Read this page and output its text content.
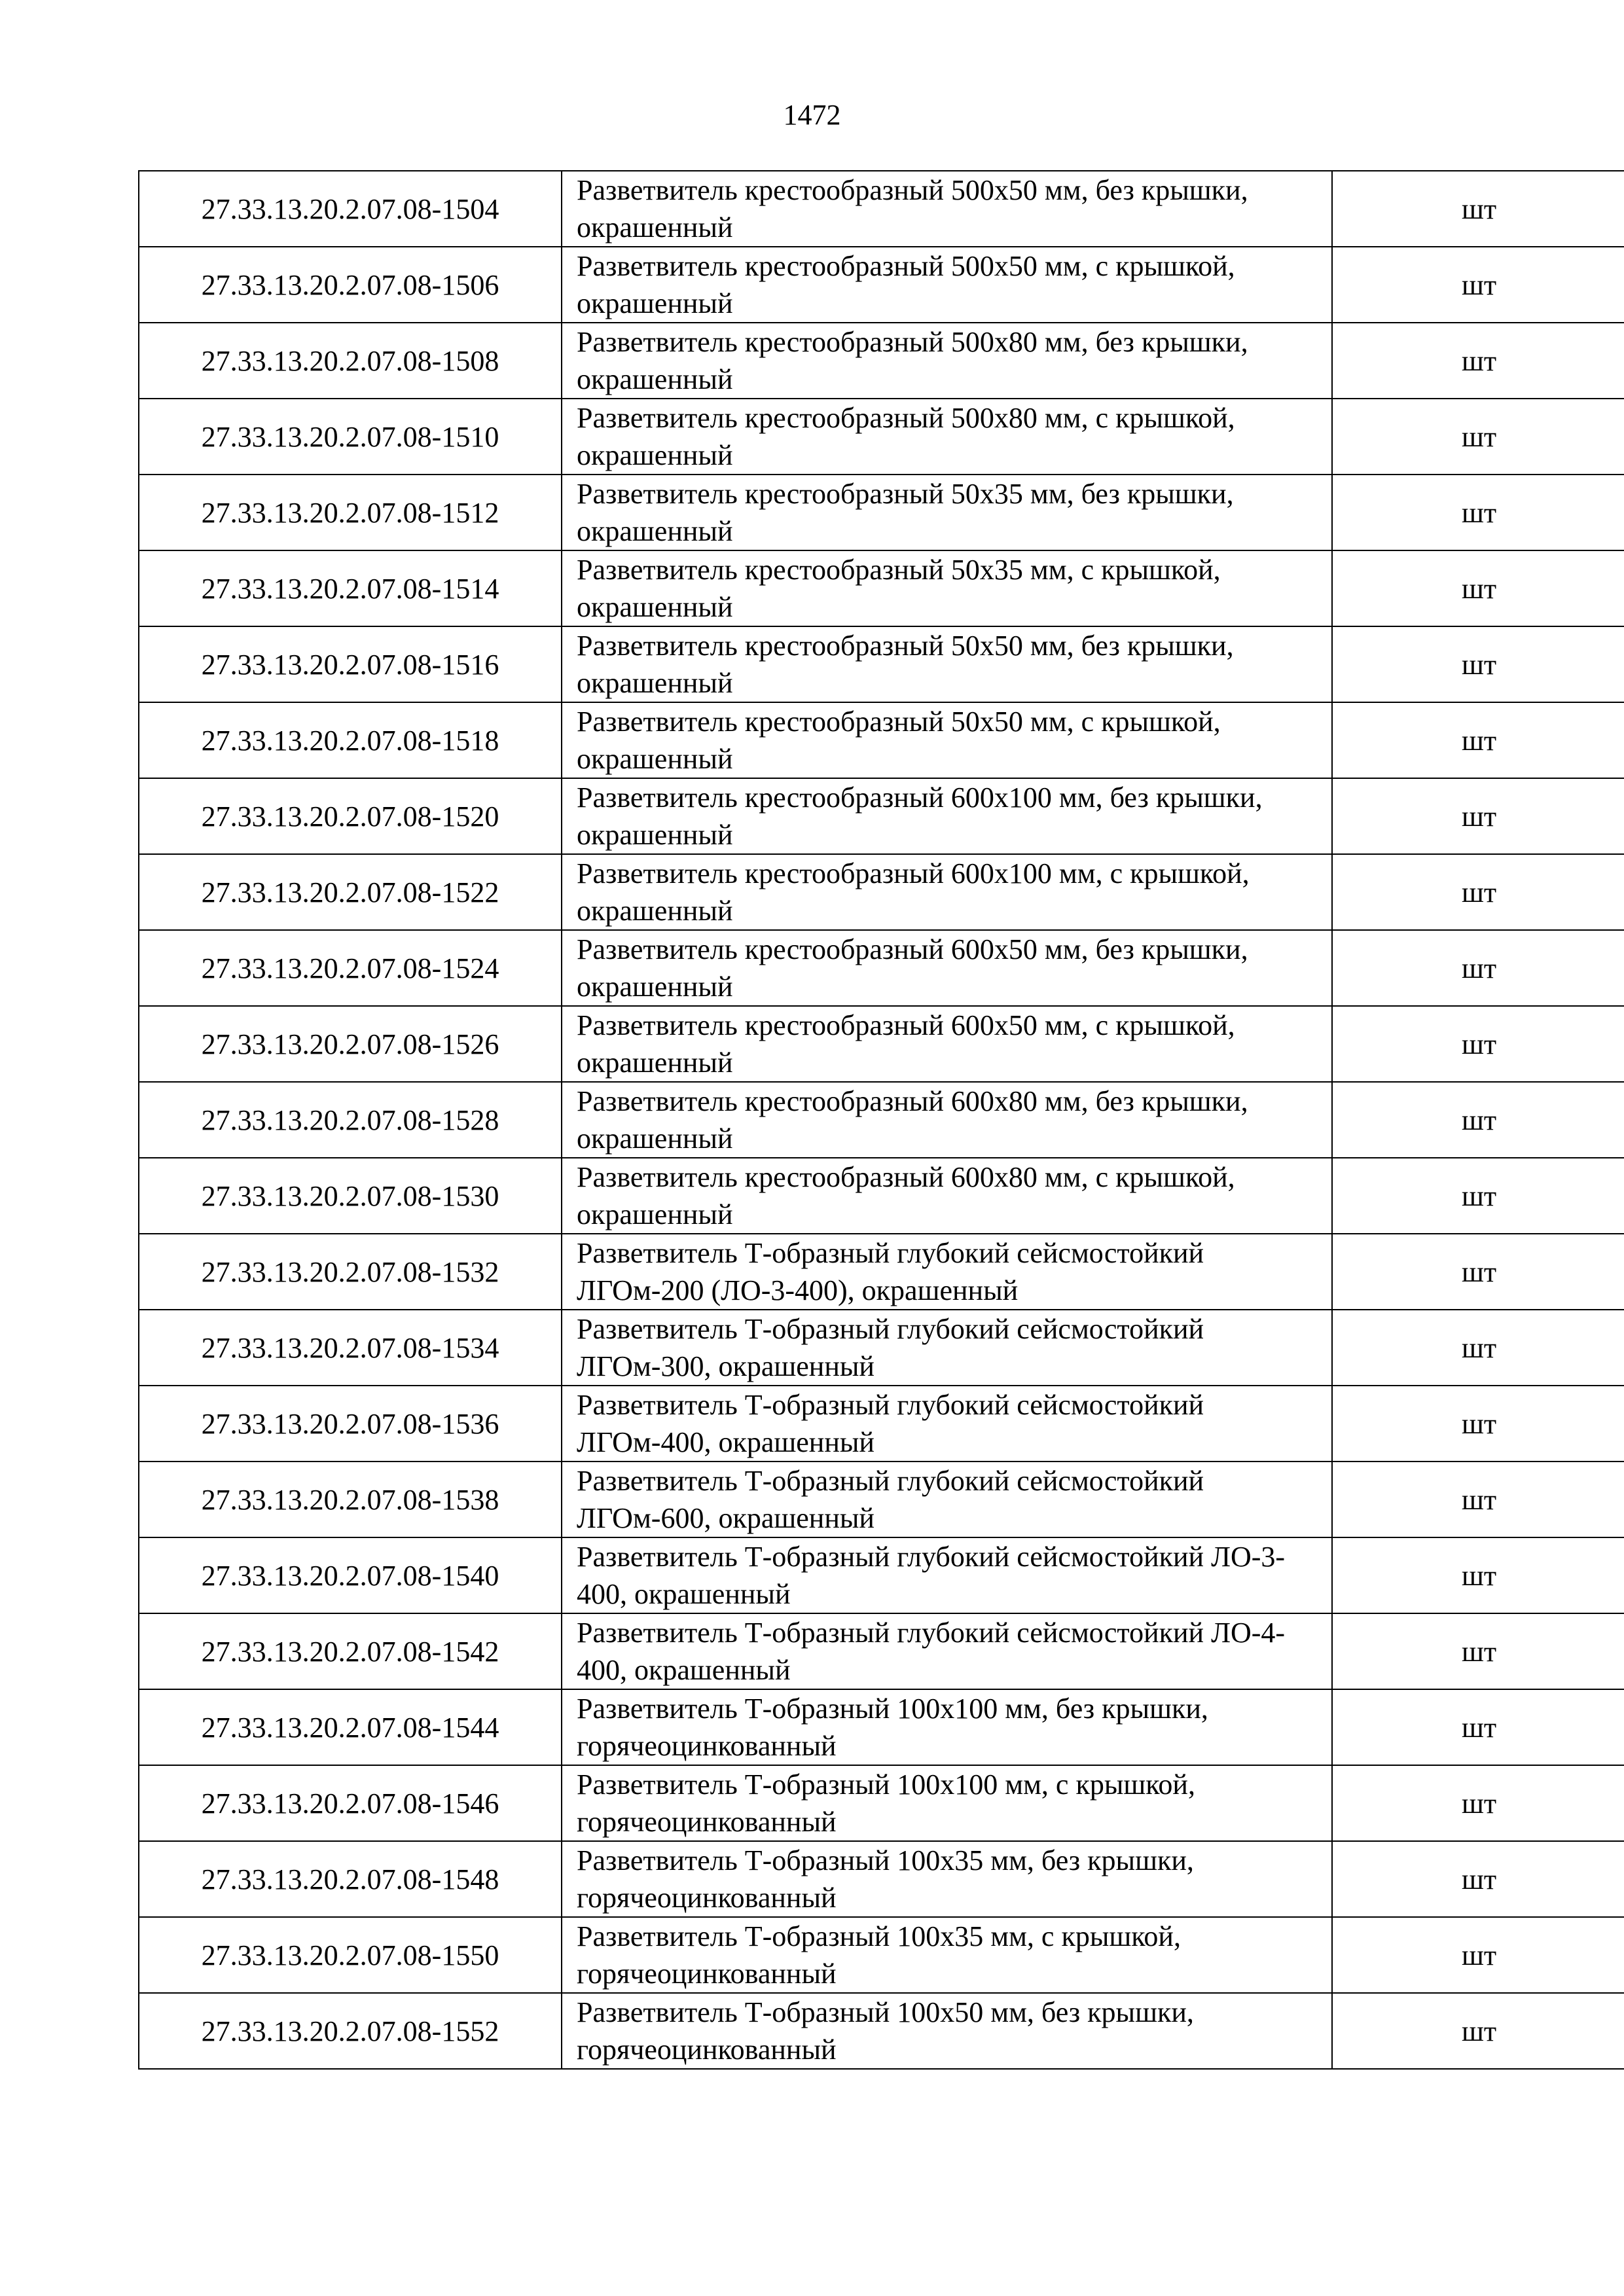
1472
27.33.13.20.2.07.08-1504	Разветвитель крестообразный 500х50 мм, без крышки, окрашенный	шт
27.33.13.20.2.07.08-1506	Разветвитель крестообразный 500х50 мм, с крышкой, окрашенный	шт
27.33.13.20.2.07.08-1508	Разветвитель крестообразный 500х80 мм, без крышки, окрашенный	шт
27.33.13.20.2.07.08-1510	Разветвитель крестообразный 500х80 мм, с крышкой, окрашенный	шт
27.33.13.20.2.07.08-1512	Разветвитель крестообразный 50х35 мм, без крышки, окрашенный	шт
27.33.13.20.2.07.08-1514	Разветвитель крестообразный 50х35 мм, с крышкой, окрашенный	шт
27.33.13.20.2.07.08-1516	Разветвитель крестообразный 50х50 мм, без крышки, окрашенный	шт
27.33.13.20.2.07.08-1518	Разветвитель крестообразный 50х50 мм, с крышкой, окрашенный	шт
27.33.13.20.2.07.08-1520	Разветвитель крестообразный 600х100 мм, без крышки, окрашенный	шт
27.33.13.20.2.07.08-1522	Разветвитель крестообразный 600х100 мм, с крышкой, окрашенный	шт
27.33.13.20.2.07.08-1524	Разветвитель крестообразный 600х50 мм, без крышки, окрашенный	шт
27.33.13.20.2.07.08-1526	Разветвитель крестообразный 600х50 мм, с крышкой, окрашенный	шт
27.33.13.20.2.07.08-1528	Разветвитель крестообразный 600х80 мм, без крышки, окрашенный	шт
27.33.13.20.2.07.08-1530	Разветвитель крестообразный 600х80 мм, с крышкой, окрашенный	шт
27.33.13.20.2.07.08-1532	Разветвитель Т-образный глубокий сейсмостойкий ЛГОм-200 (ЛО-3-400), окрашенный	шт
27.33.13.20.2.07.08-1534	Разветвитель Т-образный глубокий сейсмостойкий ЛГОм-300, окрашенный	шт
27.33.13.20.2.07.08-1536	Разветвитель Т-образный глубокий сейсмостойкий ЛГОм-400, окрашенный	шт
27.33.13.20.2.07.08-1538	Разветвитель Т-образный глубокий сейсмостойкий ЛГОм-600, окрашенный	шт
27.33.13.20.2.07.08-1540	Разветвитель Т-образный глубокий сейсмостойкий ЛО-3-400, окрашенный	шт
27.33.13.20.2.07.08-1542	Разветвитель Т-образный глубокий сейсмостойкий ЛО-4-400, окрашенный	шт
27.33.13.20.2.07.08-1544	Разветвитель Т-образный 100х100 мм, без крышки, горячеоцинкованный	шт
27.33.13.20.2.07.08-1546	Разветвитель Т-образный 100х100 мм, с крышкой, горячеоцинкованный	шт
27.33.13.20.2.07.08-1548	Разветвитель Т-образный 100х35 мм, без крышки, горячеоцинкованный	шт
27.33.13.20.2.07.08-1550	Разветвитель Т-образный 100х35 мм, с крышкой, горячеоцинкованный	шт
27.33.13.20.2.07.08-1552	Разветвитель Т-образный 100х50 мм, без крышки, горячеоцинкованный	шт
